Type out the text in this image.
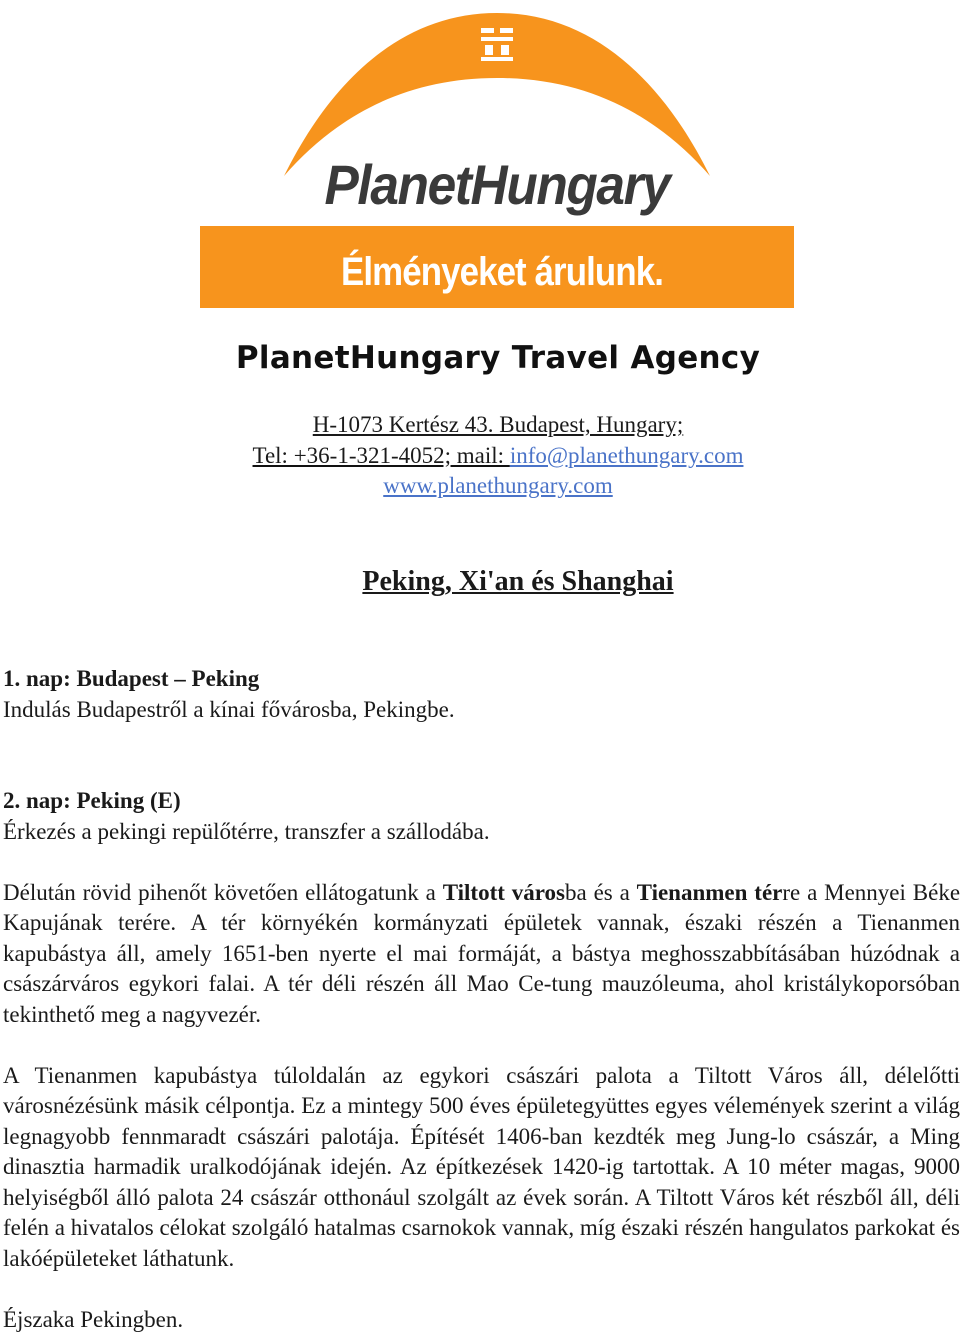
PlanetHungary
Élményeket árulunk.
PlanetHungary Travel Agency
H-1073 Kertész 43. Budapest, Hungary;
Tel: +36-1-321-4052; mail: info@planethungary.com
www.planethungary.com
Peking, Xi'an és Shanghai
1. nap: Budapest – Peking

Indulás Budapestről a kínai fővárosba, Pekingbe.

2. nap: Peking (E)

Érkezés a pekingi repülőtérre, transzfer a szállodába.

Délután rövid pihenőt követően ellátogatunk a Tiltott városba és a Tienanmen térre a Mennyei Béke Kapujának terére. A tér környékén kormányzati épületek vannak, északi részén a Tienanmen kapubástya áll, amely 1651-ben nyerte el mai formáját, a bástya meghosszabbításában húzódnak a császárváros egykori falai. A tér déli részén áll Mao Ce-tung mauzóleuma, ahol kristálykoporsóban tekinthető meg a nagyvezér.

A Tienanmen kapubástya túloldalán az egykori császári palota a Tiltott Város áll, délelőtti városnézésünk másik célpontja. Ez a mintegy 500 éves épületegyüttes egyes vélemények szerint a világ legnagyobb fennmaradt császári palotája. Építését 1406-ban kezdték meg Jung-lo császár, a Ming dinasztia harmadik uralkodójának idején. Az építkezések 1420-ig tartottak. A 10 méter magas, 9000 helyiségből álló palota 24 császár otthonául szolgált az évek során. A Tiltott Város két részből áll, déli felén a hivatalos célokat szolgáló hatalmas csarnokok vannak, míg északi részén hangulatos parkokat és lakóépületeket láthatunk.

Éjszaka Pekingben.
